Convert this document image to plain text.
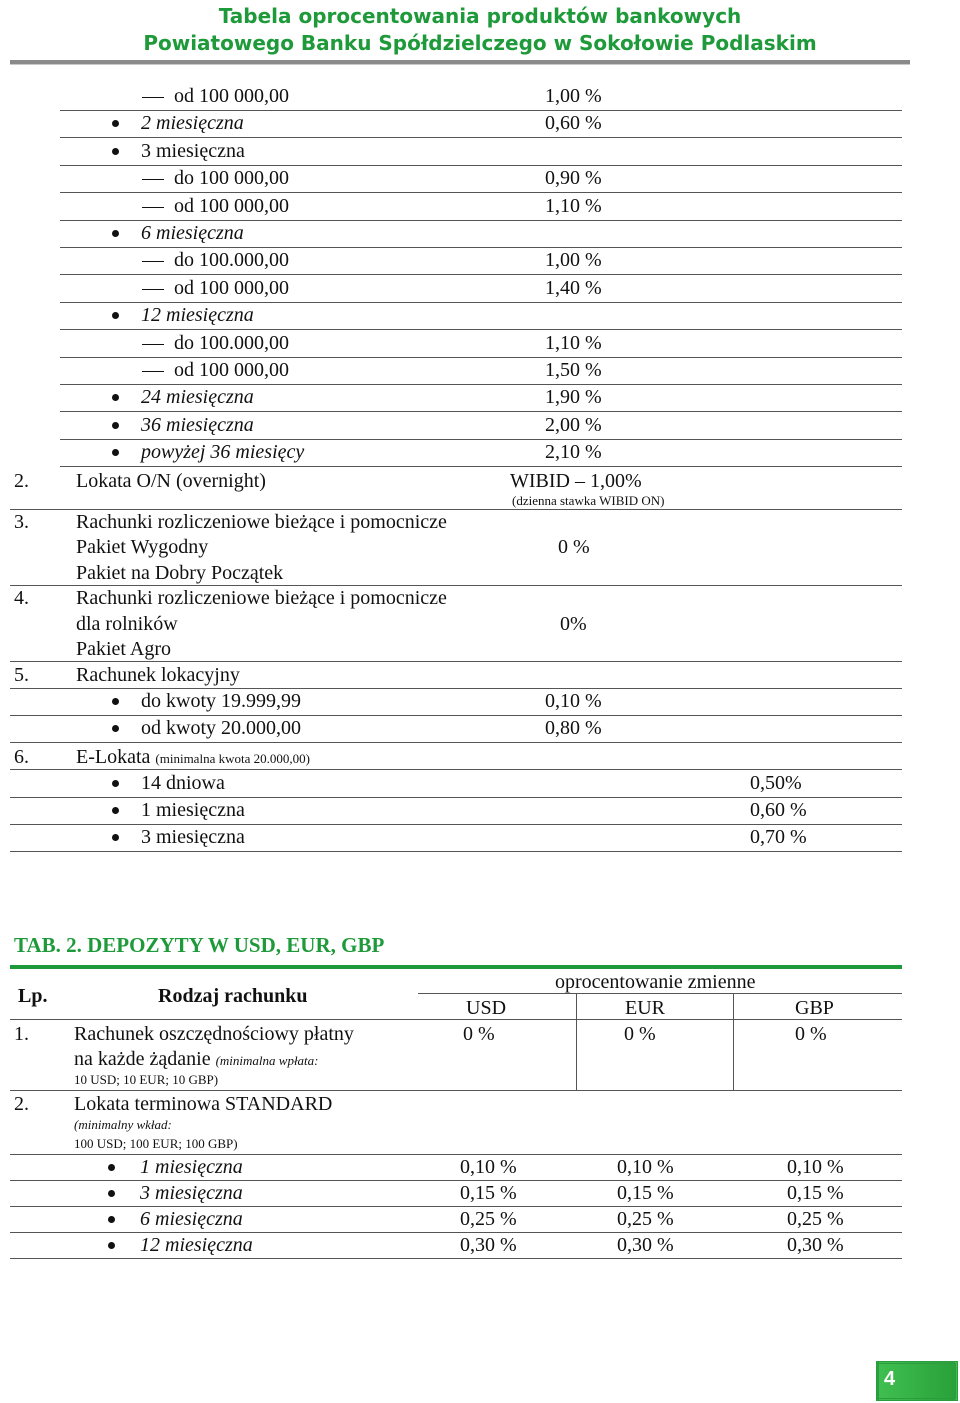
Tabela oprocentowania produktów bankowych
Powiatowego Banku Spółdzielczego w Sokołowie Podlaskim
od 100 000,00	1,00 %
2 miesięczna	0,60 %
3 miesięczna
do 100 000,00	0,90 %
od 100 000,00	1,10 %
6 miesięczna
do 100.000,00	1,00 %
od 100 000,00	1,40 %
12 miesięczna
do 100.000,00	1,10 %
od 100 000,00	1,50 %
24 miesięczna	1,90 %
36 miesięczna	2,00 %
powyżej 36 miesięcy	2,10 %
2. Lokata O/N (overnight)	WIBID – 1,00%
(dzienna stawka WIBID ON)
3. Rachunki rozliczeniowe bieżące i pomocnicze
Pakiet Wygodny
Pakiet na Dobry Początek
0 %
4. Rachunki rozliczeniowe bieżące i pomocnicze
dla rolników
Pakiet Agro
0%
5. Rachunek lokacyjny
do kwoty 19.999,99	0,10 %
od kwoty 20.000,00	0,80 %
6. E-Lokata (minimalna kwota 20.000,00)
14 dniowa	0,50%
1 miesięczna	0,60 %
3 miesięczna	0,70 %
TAB. 2. DEPOZYTY W USD, EUR, GBP
Lp.	Rodzaj rachunku
oprocentowanie zmienne
USD	EUR	GBP
1. Rachunek oszczędnościowy płatny
na każde żądanie (minimalna wpłata:
10 USD; 10 EUR; 10 GBP)
0 %	0 %	0 %
2. Lokata terminowa STANDARD
(minimalny wkład:
100 USD; 100 EUR; 100 GBP)
1 miesięczna	0,10 %	0,10 %	0,10 %
3 miesięczna	0,15 %	0,15 %	0,15 %
6 miesięczna	0,25 %	0,25 %	0,25 %
12 miesięczna	0,30 %	0,30 %	0,30 %
4
